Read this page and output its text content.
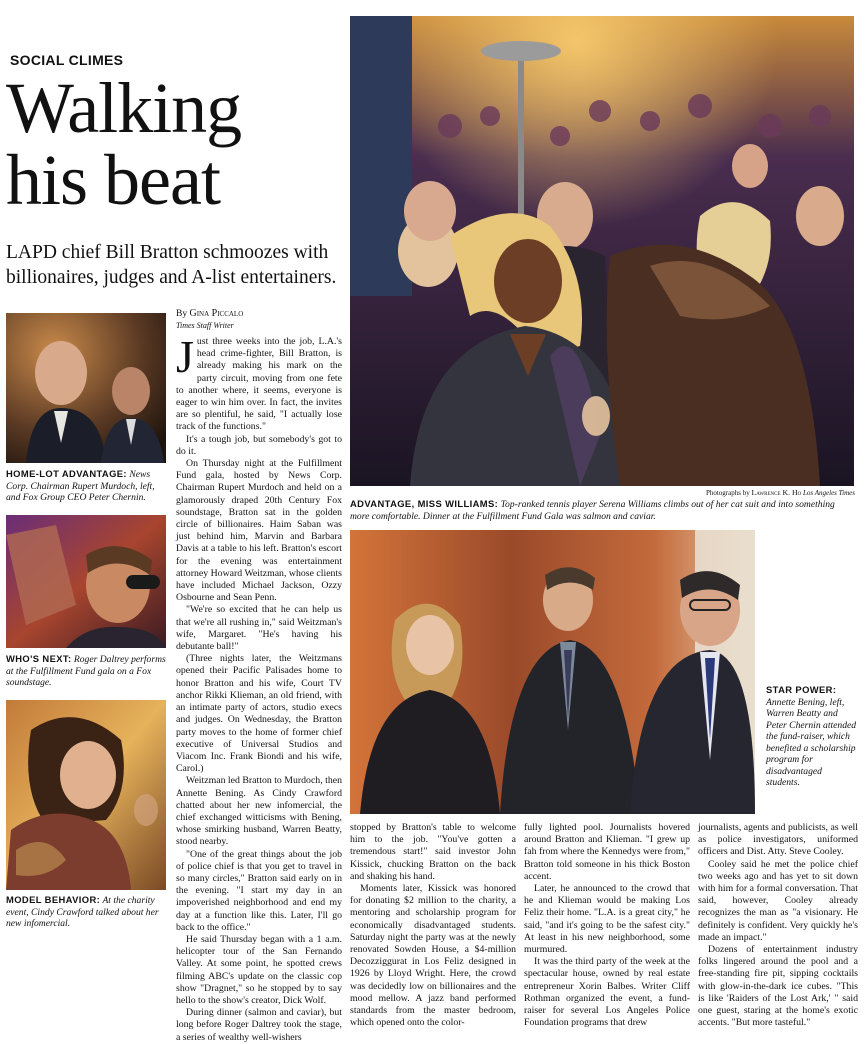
SOCIAL CLIMES
Walking
his beat
LAPD chief Bill Bratton schmoozes with billionaires, judges and A-list entertainers.
HOME-LOT ADVANTAGE: News Corp. Chairman Rupert Murdoch, left, and Fox Group CEO Peter Chernin.
WHO'S NEXT: Roger Daltrey performs at the Fulfillment Fund gala on a Fox soundstage.
MODEL BEHAVIOR: At the charity event, Cindy Crawford talked about her new infomercial.
Photographs by Lawrence K. Ho Los Angeles Times
ADVANTAGE, MISS WILLIAMS: Top-ranked tennis player Serena Williams climbs out of her cat suit and into something more comfortable. Dinner at the Fulfillment Fund Gala was salmon and caviar.
STAR POWER: Annette Bening, left, Warren Beatty and Peter Chernin attended the fund-raiser, which benefited a scholarship program for disadvantaged students.
By Gina Piccalo
Times Staff Writer

Just three weeks into the job, L.A.'s head crime-fighter, Bill Bratton, is already making his mark on the party circuit, moving from one fete to another where, it seems, everyone is eager to win him over. In fact, the invites are so plentiful, he said, "I actually lose track of the functions."

It's a tough job, but somebody's got to do it.

On Thursday night at the Fulfillment Fund gala, hosted by News Corp. Chairman Rupert Murdoch and held on a glamorously draped 20th Century Fox soundstage, Bratton sat in the golden circle of billionaires. Haim Saban was just behind him, Marvin and Barbara Davis at a table to his left. Bratton's escort for the evening was entertainment attorney Howard Weitzman, whose clients have included Michael Jackson, Ozzy Osbourne and Sean Penn.

"We're so excited that he can help us that we're all rushing in," said Weitzman's wife, Margaret. "He's having his debutante ball!"

(Three nights later, the Weitzmans opened their Pacific Palisades home to honor Bratton and his wife, Court TV anchor Rikki Klieman, an old friend, with an intimate party of actors, studio execs and judges. On Wednesday, the Bratton party moves to the home of former chief executive of Universal Studios and Viacom Inc. Frank Biondi and his wife, Carol.)

Weitzman led Bratton to Murdoch, then Annette Bening. As Cindy Crawford chatted about her new infomercial, the chief exchanged witticisms with Bening, whose smirking husband, Warren Beatty, stood nearby.

"One of the great things about the job of police chief is that you get to travel in so many circles," Bratton said early on in the evening. "I start my day in an impoverished neighborhood and end my day at a function like this. Later, I'll go back to the office."

He said Thursday began with a 1 a.m. helicopter tour of the San Fernando Valley. At some point, he spotted crews filming ABC's update on the classic cop show "Dragnet," so he stopped by to say hello to the show's creator, Dick Wolf.

During dinner (salmon and caviar), but long before Roger Daltrey took the stage, a series of wealthy well-wishers

stopped by Bratton's table to welcome him to the job. "You've gotten a tremendous start!" said investor John Kissick, chucking Bratton on the back and shaking his hand.

Moments later, Kissick was honored for donating $2 million to the charity, a mentoring and scholarship program for economically disadvantaged students. Saturday night the party was at the newly renovated Sowden House, a $4-million Decozziggurat in Los Feliz designed in 1926 by Lloyd Wright. Here, the crowd was decidedly low on billionaires and the mood mellow. A jazz band performed standards from the master bedroom, which opened onto the color-

fully lighted pool. Journalists hovered around Bratton and Klieman. "I grew up fah from where the Kennedys were from," Bratton told someone in his thick Boston accent.

Later, he announced to the crowd that he and Klieman would be making Los Feliz their home. "L.A. is a great city," he said, "and it's going to be the safest city." At least in his new neighborhood, some murmured.

It was the third party of the week at the spectacular house, owned by real estate entrepreneur Xorin Balbes. Writer Cliff Rothman organized the event, a fund-raiser for several Los Angeles Police Foundation programs that drew

journalists, agents and publicists, as well as police investigators, uniformed officers and Dist. Atty. Steve Cooley.

Cooley said he met the police chief two weeks ago and has yet to sit down with him for a formal conversation. That said, however, Cooley already recognizes the man as "a visionary. He definitely is confident. Very quickly he's made an impact."

Dozens of entertainment industry folks lingered around the pool and a free-standing fire pit, sipping cocktails with glow-in-the-dark ice cubes. "This is like 'Raiders of the Lost Ark,' " said one guest, staring at the home's exotic accents. "But more tasteful."
